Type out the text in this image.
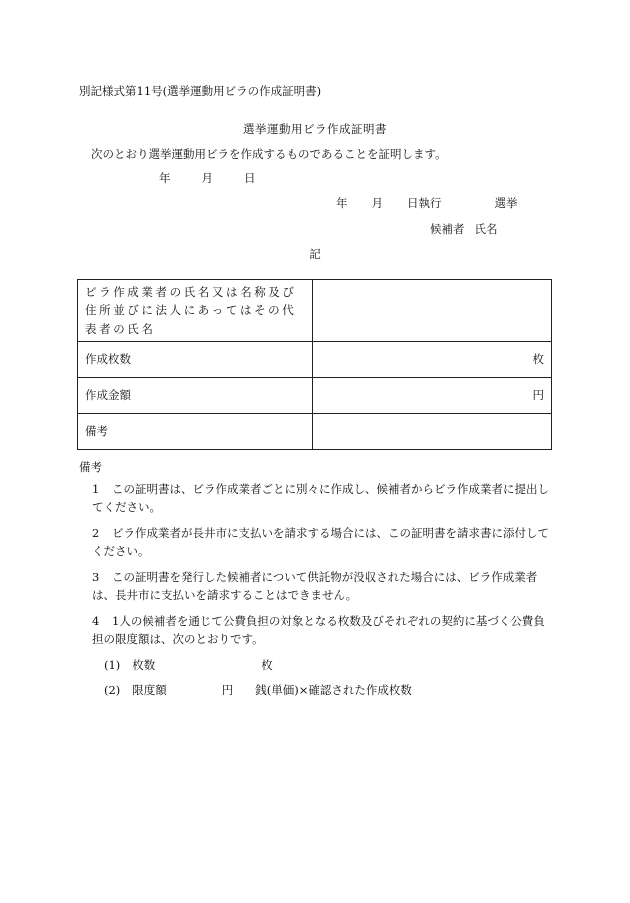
別記様式第11号(選挙運動用ビラの作成証明書)
選挙運動用ビラ作成証明書
次のとおり選挙運動用ビラを作成するものであることを証明します。
年	月	日
年 月 日執行	選挙
候補者 氏名
記
ビラ作成業者の氏名又は名称及び住所並びに法人にあってはその代表者の氏名	
作成枚数	枚
作成金額	円
備考	
備考
1 この証明書は、ビラ作成業者ごとに別々に作成し、候補者からビラ作成業者に提出してください。
2 ビラ作成業者が長井市に支払いを請求する場合には、この証明書を請求書に添付してください。
3 この証明書を発行した候補者について供託物が没収された場合には、ビラ作成業者は、長井市に支払いを請求することはできません。
4 1人の候補者を通じて公費負担の対象となる枚数及びそれぞれの契約に基づく公費負担の限度額は、次のとおりです。
(1) 枚数	枚
(2) 限度額	円 銭(単価)×確認された作成枚数
